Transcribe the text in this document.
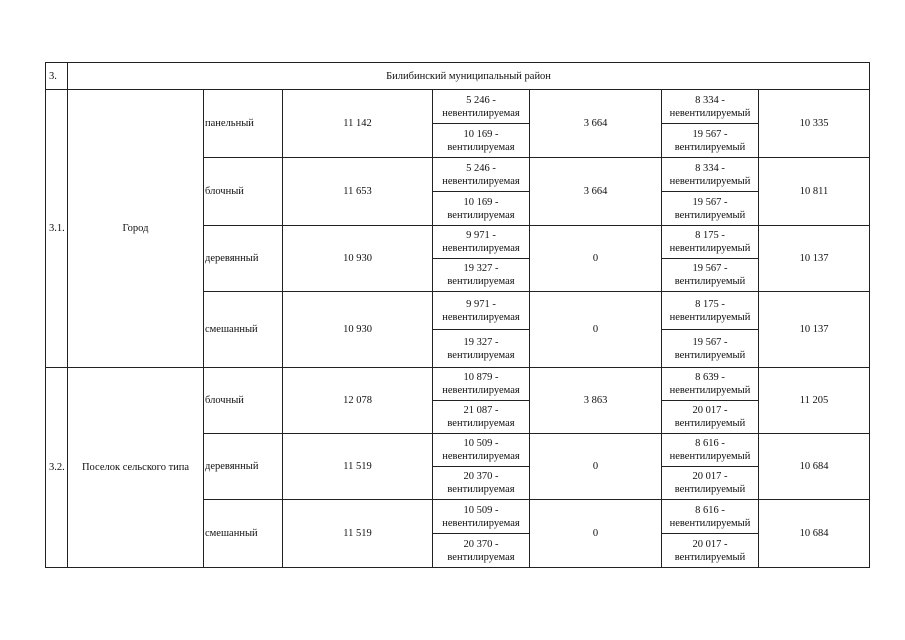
3.	Билибинский муниципальный район						
3.1.	Город	панельный	11 142	5 246 - невентилируемая	3 664	8 334 - невентилируемый	10 335
				10 169 - вентилируемая		19 567 - вентилируемый	
		блочный	11 653	5 246 - невентилируемая	3 664	8 334 - невентилируемый	10 811
				10 169 - вентилируемая		19 567 - вентилируемый	
		деревянный	10 930	9 971 - невентилируемая	0	8 175 - невентилируемый	10 137
				19 327 - вентилируемая		19 567 - вентилируемый	
		смешанный	10 930	9 971 - невентилируемая	0	8 175 - невентилируемый	10 137
				19 327 - вентилируемая		19 567 - вентилируемый	
3.2.	Поселок сельского типа	блочный	12 078	10 879 - невентилируемая	3 863	8 639 - невентилируемый	11 205
				21 087 - вентилируемая		20 017 - вентилируемый	
		деревянный	11 519	10 509 - невентилируемая	0	8 616 - невентилируемый	10 684
				20 370 - вентилируемая		20 017 - вентилируемый	
		смешанный	11 519	10 509 - невентилируемая	0	8 616 - невентилируемый	10 684
				20 370 - вентилируемая		20 017 - вентилируемый	
